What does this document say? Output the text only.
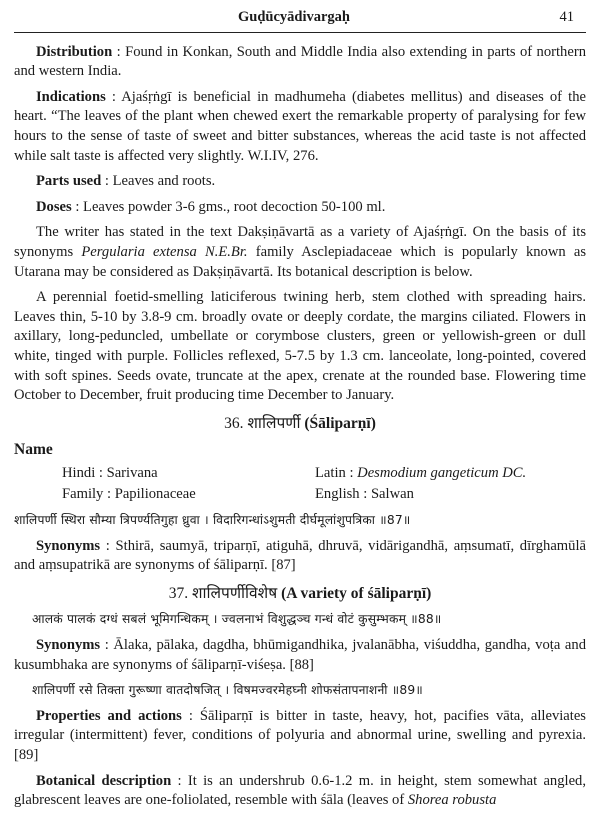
Guḍūcyādivargaḥ	41

Distribution : Found in Konkan, South and Middle India also extending in parts of northern and western India.

Indications : Ajaśṛṅgī is beneficial in madhumeha (diabetes mellitus) and diseases of the heart. “The leaves of the plant when chewed exert the remarkable property of paralysing for few hours to the sense of taste of sweet and bitter substances, whereas the acid taste is not affected while salt taste is affected very slightly. W.I.IV, 276.

Parts used : Leaves and roots.

Doses : Leaves powder 3-6 gms., root decoction 50-100 ml.

The writer has stated in the text Dakṣiṇāvartā as a variety of Ajaśṛṅgī. On the basis of its synonyms Pergularia extensa N.E.Br. family Asclepiadaceae which is popularly known as Utarana may be considered as Dakṣiṇāvartā. Its botanical description is below.

A perennial foetid-smelling laticiferous twining herb, stem clothed with spreading hairs. Leaves thin, 5-10 by 3.8-9 cm. broadly ovate or deeply cordate, the margins ciliated. Flowers in axillary, long-peduncled, umbellate or corymbose clusters, green or yellowish-green or dull white, tinged with purple. Follicles reflexed, 5-7.5 by 1.3 cm. lanceolate, long-pointed, covered with soft spines. Seeds ovate, truncate at the apex, crenate at the rounded base. Flowering time October to December, fruit producing time December to January.

36. शालिपर्णी (Śāliparṇī)
Name
Hindi : Sarivana	Latin : Desmodium gangeticum DC.
Family : Papilionaceae	English : Salwan
शालिपर्णी स्थिरा सौम्या त्रिपर्ण्यतिगुहा ध्रुवा । विदारिगन्धांऽशुमती दीर्घमूलांशुपत्रिका ॥87॥

Synonyms : Sthirā, saumyā, triparṇī, atiguhā, dhruvā, vidārigandhā, aṃsumatī, dīrghamūlā and aṃsupatrikā are synonyms of śāliparṇī. [87]

37. शालिपर्णीविशेष (A variety of śāliparṇī)
आलकं पालकं दग्धं सबलं भूमिगन्धिकम् । ज्वलनाभं विशुद्धञ्च गन्धं वोटं कुसुम्भकम् ॥88॥

Synonyms : Ālaka, pālaka, dagdha, bhūmigandhika, jvalanābha, viśuddha, gandha, voṭa and kusumbhaka are synonyms of śāliparṇī-viśeṣa. [88]

शालिपर्णी रसे तिक्ता गुरूष्णा वातदोषजित् । विषमज्वरमेहघ्नी शोफसंतापनाशनी ॥89॥

Properties and actions : Śāliparṇī is bitter in taste, heavy, hot, pacifies vāta, alleviates irregular (intermittent) fever, conditions of polyuria and abnormal urine, swelling and pyrexia. [89]

Botanical description : It is an undershrub 0.6-1.2 m. in height, stem somewhat angled, glabrescent leaves are one-foliolated, resemble with śāla (leaves of Shorea robusta
